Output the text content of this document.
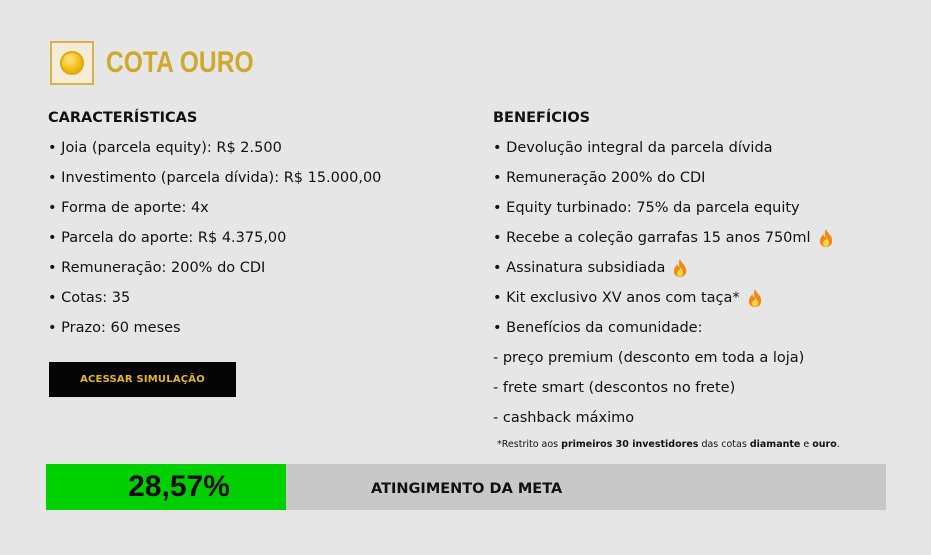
COTA OURO
CARACTERÍSTICAS
• Joia (parcela equity): R$ 2.500
• Investimento (parcela dívida): R$ 15.000,00
• Forma de aporte: 4x
• Parcela do aporte: R$ 4.375,00
• Remuneração: 200% do CDI
• Cotas: 35
• Prazo: 60 meses
BENEFÍCIOS
• Devolução integral da parcela dívida
• Remuneração 200% do CDI
• Equity turbinado: 75% da parcela equity
• Recebe a coleção garrafas 15 anos 750ml
• Assinatura subsidiada
• Kit exclusivo XV anos com taça*
• Benefícios da comunidade:
- preço premium (desconto em toda a loja)
- frete smart (descontos no frete)
- cashback máximo
ACESSAR SIMULAÇÃO
*Restrito aos primeiros 30 investidores das cotas diamante e ouro.
28,57%	ATINGIMENTO DA META
